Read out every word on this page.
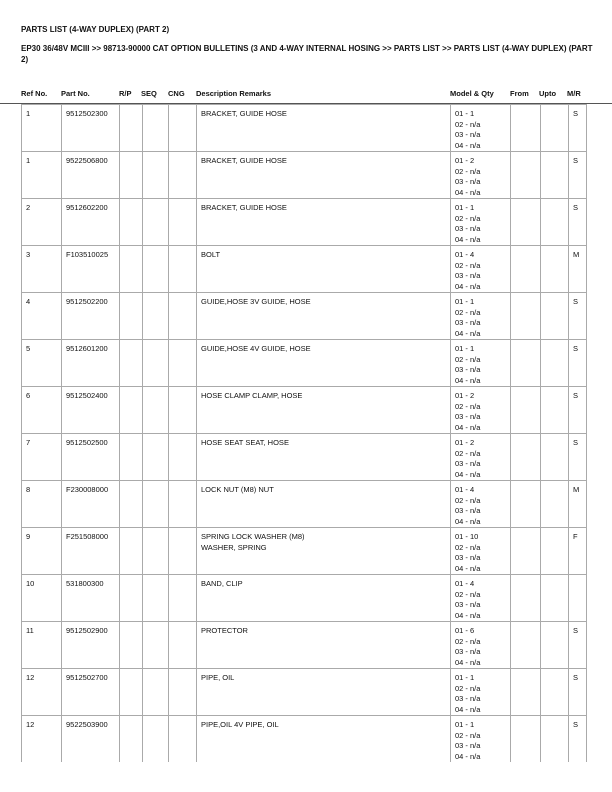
PARTS LIST (4-WAY DUPLEX) (PART 2)
EP30 36/48V MCIII >> 98713-90000 CAT OPTION BULLETINS (3 AND 4-WAY INTERNAL HOSING >> PARTS LIST >> PARTS LIST (4-WAY DUPLEX) (PART 2)
Ref No. Part No.	R/P SEQ CNG Description Remarks	Model & Qty From Upto M/R
1	9512502300				BRACKET, GUIDE HOSE	01 - 1
02 - n/a
03 - n/a
04 - n/a			S
1	9522506800				BRACKET, GUIDE HOSE	01 - 2
02 - n/a
03 - n/a
04 - n/a			S
2	9512602200				BRACKET, GUIDE HOSE	01 - 1
02 - n/a
03 - n/a
04 - n/a			S
3	F103510025				BOLT	01 - 4
02 - n/a
03 - n/a
04 - n/a			M
4	9512502200				GUIDE,HOSE 3V GUIDE, HOSE	01 - 1
02 - n/a
03 - n/a
04 - n/a			S
5	9512601200				GUIDE,HOSE 4V GUIDE, HOSE	01 - 1
02 - n/a
03 - n/a
04 - n/a			S
6	9512502400				HOSE CLAMP CLAMP, HOSE	01 - 2
02 - n/a
03 - n/a
04 - n/a			S
7	9512502500				HOSE SEAT SEAT, HOSE	01 - 2
02 - n/a
03 - n/a
04 - n/a			S
8	F230008000				LOCK NUT (M8) NUT	01 - 4
02 - n/a
03 - n/a
04 - n/a			M
9	F251508000				SPRING LOCK WASHER (M8)
WASHER, SPRING	01 - 10
02 - n/a
03 - n/a
04 - n/a			F
10	531800300				BAND, CLIP	01 - 4
02 - n/a
03 - n/a
04 - n/a			
11	9512502900				PROTECTOR	01 - 6
02 - n/a
03 - n/a
04 - n/a			S
12	9512502700				PIPE, OIL	01 - 1
02 - n/a
03 - n/a
04 - n/a			S
12	9522503900				PIPE,OIL 4V PIPE, OIL	01 - 1
02 - n/a
03 - n/a
04 - n/a			S
